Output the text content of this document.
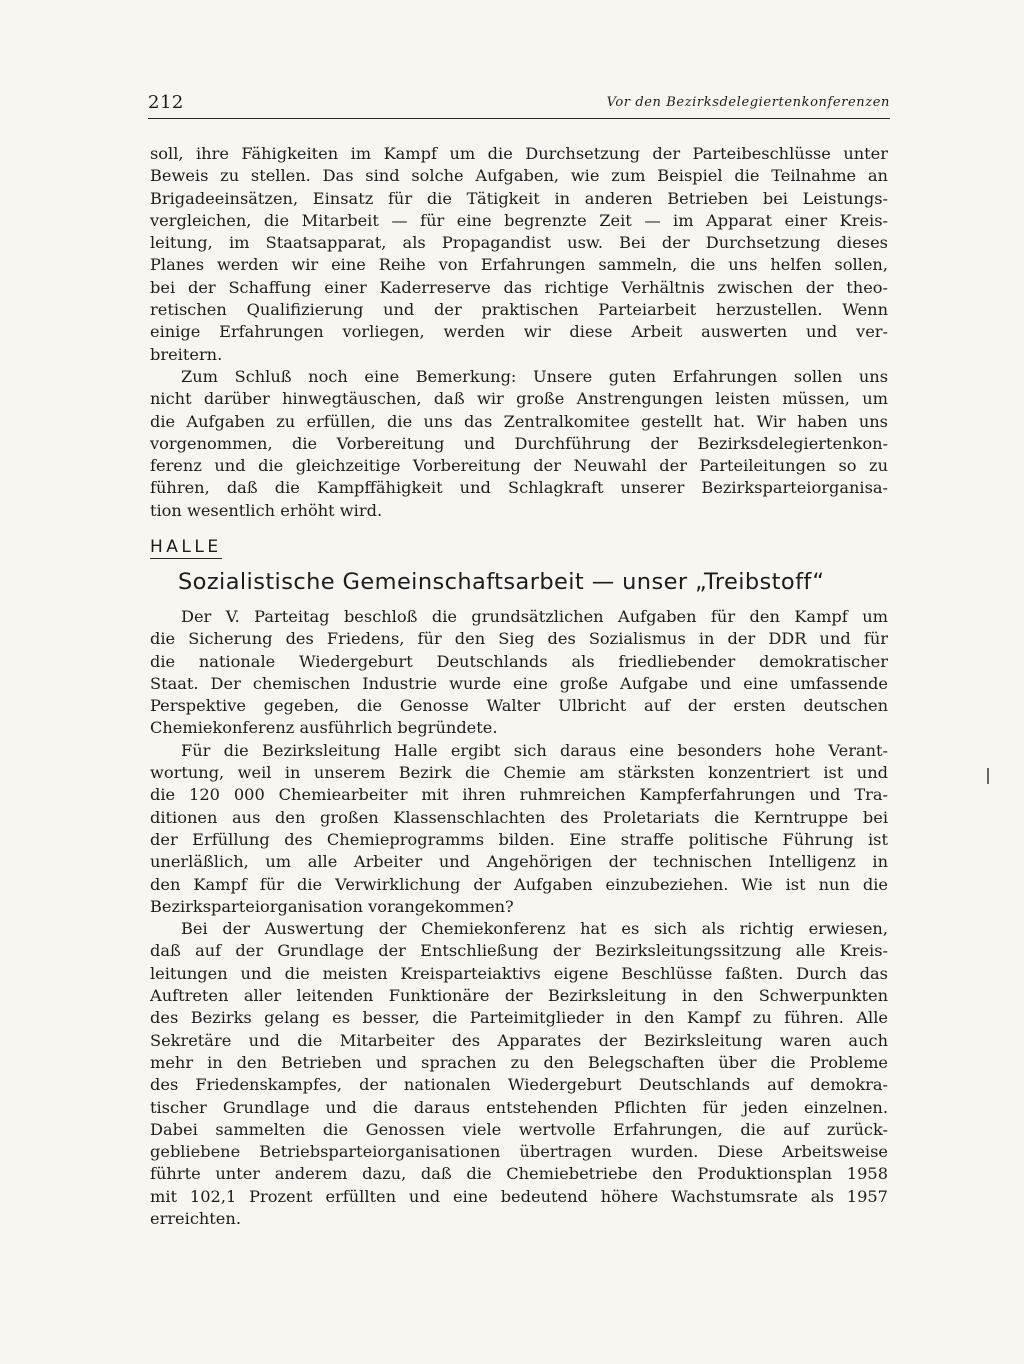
212	Vor den Bezirksdelegiertenkonferenzen
soll, ihre Fähigkeiten im Kampf um die Durchsetzung der Parteibeschlüsse unter
Beweis zu stellen. Das sind solche Aufgaben, wie zum Beispiel die Teilnahme an
Brigadeeinsätzen, Einsatz für die Tätigkeit in anderen Betrieben bei Leistungs-
vergleichen, die Mitarbeit — für eine begrenzte Zeit — im Apparat einer Kreis-
leitung, im Staatsapparat, als Propagandist usw. Bei der Durchsetzung dieses
Planes werden wir eine Reihe von Erfahrungen sammeln, die uns helfen sollen,
bei der Schaffung einer Kaderreserve das richtige Verhältnis zwischen der theo-
retischen Qualifizierung und der praktischen Parteiarbeit herzustellen. Wenn
einige Erfahrungen vorliegen, werden wir diese Arbeit auswerten und ver-
breitern.
Zum Schluß noch eine Bemerkung: Unsere guten Erfahrungen sollen uns
nicht darüber hinwegtäuschen, daß wir große Anstrengungen leisten müssen, um
die Aufgaben zu erfüllen, die uns das Zentralkomitee gestellt hat. Wir haben uns
vorgenommen, die Vorbereitung und Durchführung der Bezirksdelegiertenkon-
ferenz und die gleichzeitige Vorbereitung der Neuwahl der Parteileitungen so zu
führen, daß die Kampffähigkeit und Schlagkraft unserer Bezirksparteiorganisa-
tion wesentlich erhöht wird.
HALLE
Sozialistische Gemeinschaftsarbeit — unser „Treibstoff“
Der V. Parteitag beschloß die grundsätzlichen Aufgaben für den Kampf um
die Sicherung des Friedens, für den Sieg des Sozialismus in der DDR und für
die nationale Wiedergeburt Deutschlands als friedliebender demokratischer
Staat. Der chemischen Industrie wurde eine große Aufgabe und eine umfassende
Perspektive gegeben, die Genosse Walter Ulbricht auf der ersten deutschen
Chemiekonferenz ausführlich begründete.
Für die Bezirksleitung Halle ergibt sich daraus eine besonders hohe Verant-
wortung, weil in unserem Bezirk die Chemie am stärksten konzentriert ist und
die 120 000 Chemiearbeiter mit ihren ruhmreichen Kampferfahrungen und Tra-
ditionen aus den großen Klassenschlachten des Proletariats die Kerntruppe bei
der Erfüllung des Chemieprogramms bilden. Eine straffe politische Führung ist
unerläßlich, um alle Arbeiter und Angehörigen der technischen Intelligenz in
den Kampf für die Verwirklichung der Aufgaben einzubeziehen. Wie ist nun die
Bezirksparteiorganisation vorangekommen?
Bei der Auswertung der Chemiekonferenz hat es sich als richtig erwiesen,
daß auf der Grundlage der Entschließung der Bezirksleitungssitzung alle Kreis-
leitungen und die meisten Kreisparteiaktivs eigene Beschlüsse faßten. Durch das
Auftreten aller leitenden Funktionäre der Bezirksleitung in den Schwerpunkten
des Bezirks gelang es besser, die Parteimitglieder in den Kampf zu führen. Alle
Sekretäre und die Mitarbeiter des Apparates der Bezirksleitung waren auch
mehr in den Betrieben und sprachen zu den Belegschaften über die Probleme
des Friedenskampfes, der nationalen Wiedergeburt Deutschlands auf demokra-
tischer Grundlage und die daraus entstehenden Pflichten für jeden einzelnen.
Dabei sammelten die Genossen viele wertvolle Erfahrungen, die auf zurück-
gebliebene Betriebsparteiorganisationen übertragen wurden. Diese Arbeitsweise
führte unter anderem dazu, daß die Chemiebetriebe den Produktionsplan 1958
mit 102,1 Prozent erfüllten und eine bedeutend höhere Wachstumsrate als 1957
erreichten.
